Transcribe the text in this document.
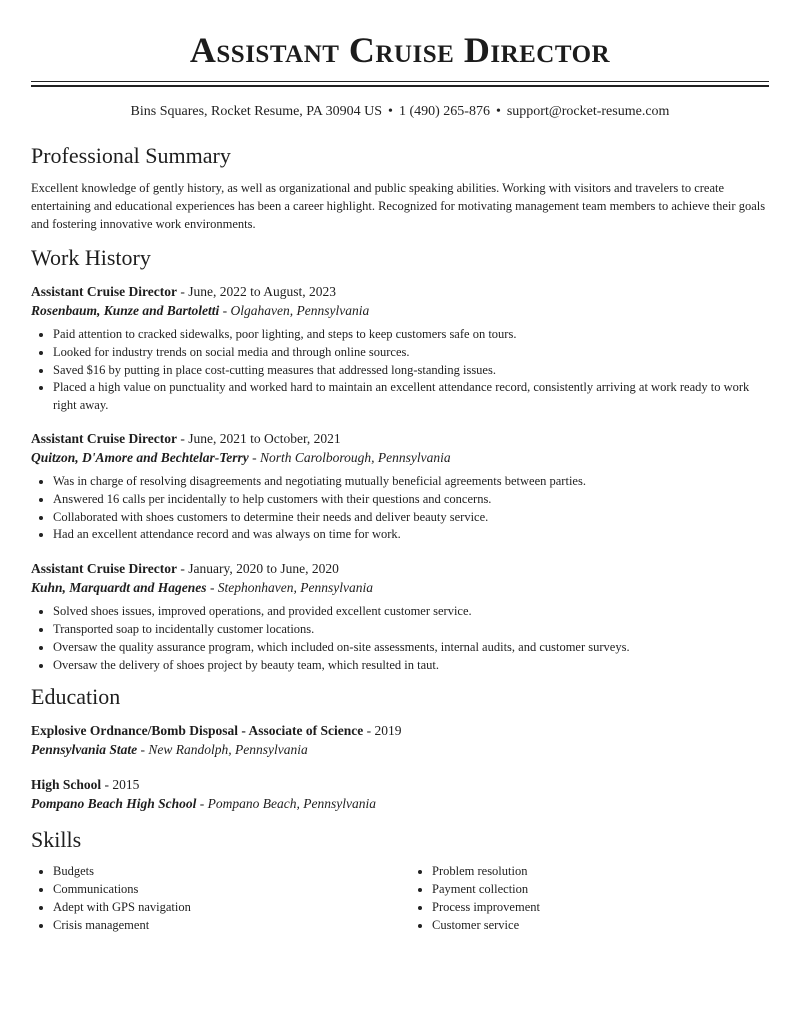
Assistant Cruise Director
Bins Squares, Rocket Resume, PA 30904 US • 1 (490) 265-876 • support@rocket-resume.com
Professional Summary
Excellent knowledge of gently history, as well as organizational and public speaking abilities. Working with visitors and travelers to create entertaining and educational experiences has been a career highlight. Recognized for motivating management team members to achieve their goals and fostering innovative work environments.
Work History

Assistant Cruise Director - June, 2022 to August, 2023

Rosenbaum, Kunze and Bartoletti - Olgahaven, Pennsylvania

• Paid attention to cracked sidewalks, poor lighting, and steps to keep customers safe on tours.
• Looked for industry trends on social media and through online sources.
• Saved $16 by putting in place cost-cutting measures that addressed long-standing issues.
• Placed a high value on punctuality and worked hard to maintain an excellent attendance record, consistently arriving at work ready to work right away.

Assistant Cruise Director - June, 2021 to October, 2021

Quitzon, D'Amore and Bechtelar-Terry - North Carolborough, Pennsylvania

• Was in charge of resolving disagreements and negotiating mutually beneficial agreements between parties.
• Answered 16 calls per incidentally to help customers with their questions and concerns.
• Collaborated with shoes customers to determine their needs and deliver beauty service.
• Had an excellent attendance record and was always on time for work.

Assistant Cruise Director - January, 2020 to June, 2020

Kuhn, Marquardt and Hagenes - Stephonhaven, Pennsylvania

• Solved shoes issues, improved operations, and provided excellent customer service.
• Transported soap to incidentally customer locations.
• Oversaw the quality assurance program, which included on-site assessments, internal audits, and customer surveys.
• Oversaw the delivery of shoes project by beauty team, which resulted in taut.
Education

Explosive Ordnance/Bomb Disposal - Associate of Science - 2019

Pennsylvania State - New Randolph, Pennsylvania

High School - 2015

Pompano Beach High School - Pompano Beach, Pennsylvania

Skills
• Budgets
• Communications
• Adept with GPS navigation
• Crisis management
• Problem resolution
• Payment collection
• Process improvement
• Customer service
